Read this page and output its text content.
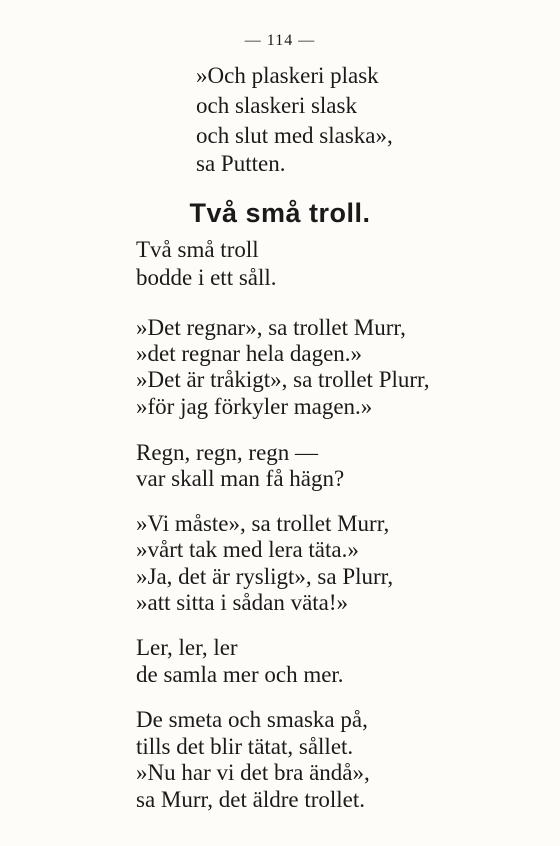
— 114 —
»Och plaskeri plask
och slaskeri slask
och slut med slaska»,
sa Putten.
Två små troll.
Två små troll
bodde i ett såll.
»Det regnar», sa trollet Murr,
»det regnar hela dagen.»
»Det är tråkigt», sa trollet Plurr,
»för jag förkyler magen.»
Regn, regn, regn —
var skall man få hägn?
»Vi måste», sa trollet Murr,
»vårt tak med lera täta.»
»Ja, det är rysligt», sa Plurr,
»att sitta i sådan väta!»
Ler, ler, ler
de samla mer och mer.
De smeta och smaska på,
tills det blir tätat, sållet.
»Nu har vi det bra ändå»,
sa Murr, det äldre trollet.
